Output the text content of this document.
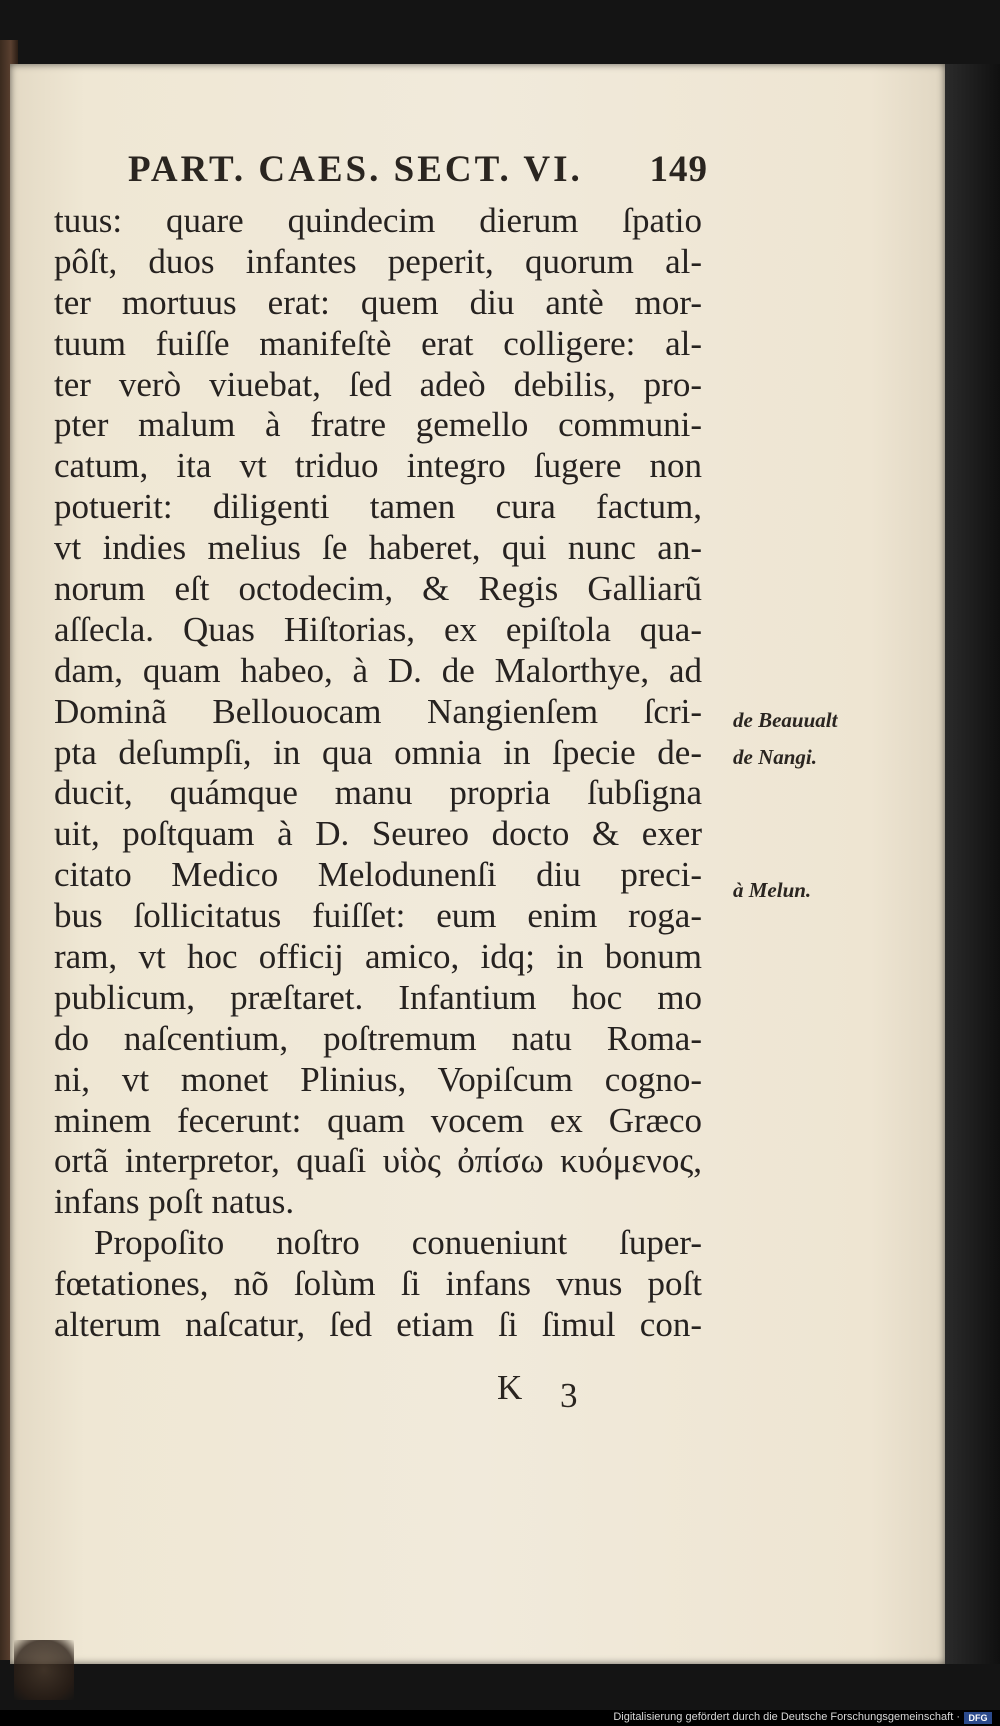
PART. CAES. SECT. VI. 149
tuus: quare quindecim dierum ſpatio
pôſt, duos infantes peperit, quorum al-
ter mortuus erat: quem diu antè mor-
tuum fuiſſe manifeſtè erat colligere: al-
ter verò viuebat, ſed adeò debilis, pro-
pter malum à fratre gemello communi-
catum, ita vt triduo integro ſugere non
potuerit: diligenti tamen cura factum,
vt indies melius ſe haberet, qui nunc an-
norum eſt octodecim, & Regis Galliarũ
aſſecla. Quas Hiſtorias, ex epiſtola qua-
dam, quam habeo, à D. de Malorthye, ad
Dominã Bellouocam Nangienſem ſcri-
pta deſumpſi, in qua omnia in ſpecie de-
ducit, quámque manu propria ſubſigna
uit, poſtquam à D. Seureo docto & exer
citato Medico Melodunenſi diu preci-
bus ſollicitatus fuiſſet: eum enim roga-
ram, vt hoc officij amico, idq; in bonum
publicum, præſtaret. Infantium hoc mo
do naſcentium, poſtremum natu Roma-
ni, vt monet Plinius, Vopiſcum cogno-
minem fecerunt: quam vocem ex Græco
ortã interpretor, quaſi υἱὸς ὀπίσω κυόμενος,
infans poſt natus.
Propoſito noſtro conueniunt ſuper-
fœtationes, nõ ſolùm ſi infans vnus poſt
alterum naſcatur, ſed etiam ſi ſimul con-
de Beauualt
de Nangi.
à Melun.
K 3
Digitalisierung gefördert durch die Deutsche Forschungsgemeinschaft · DFG
